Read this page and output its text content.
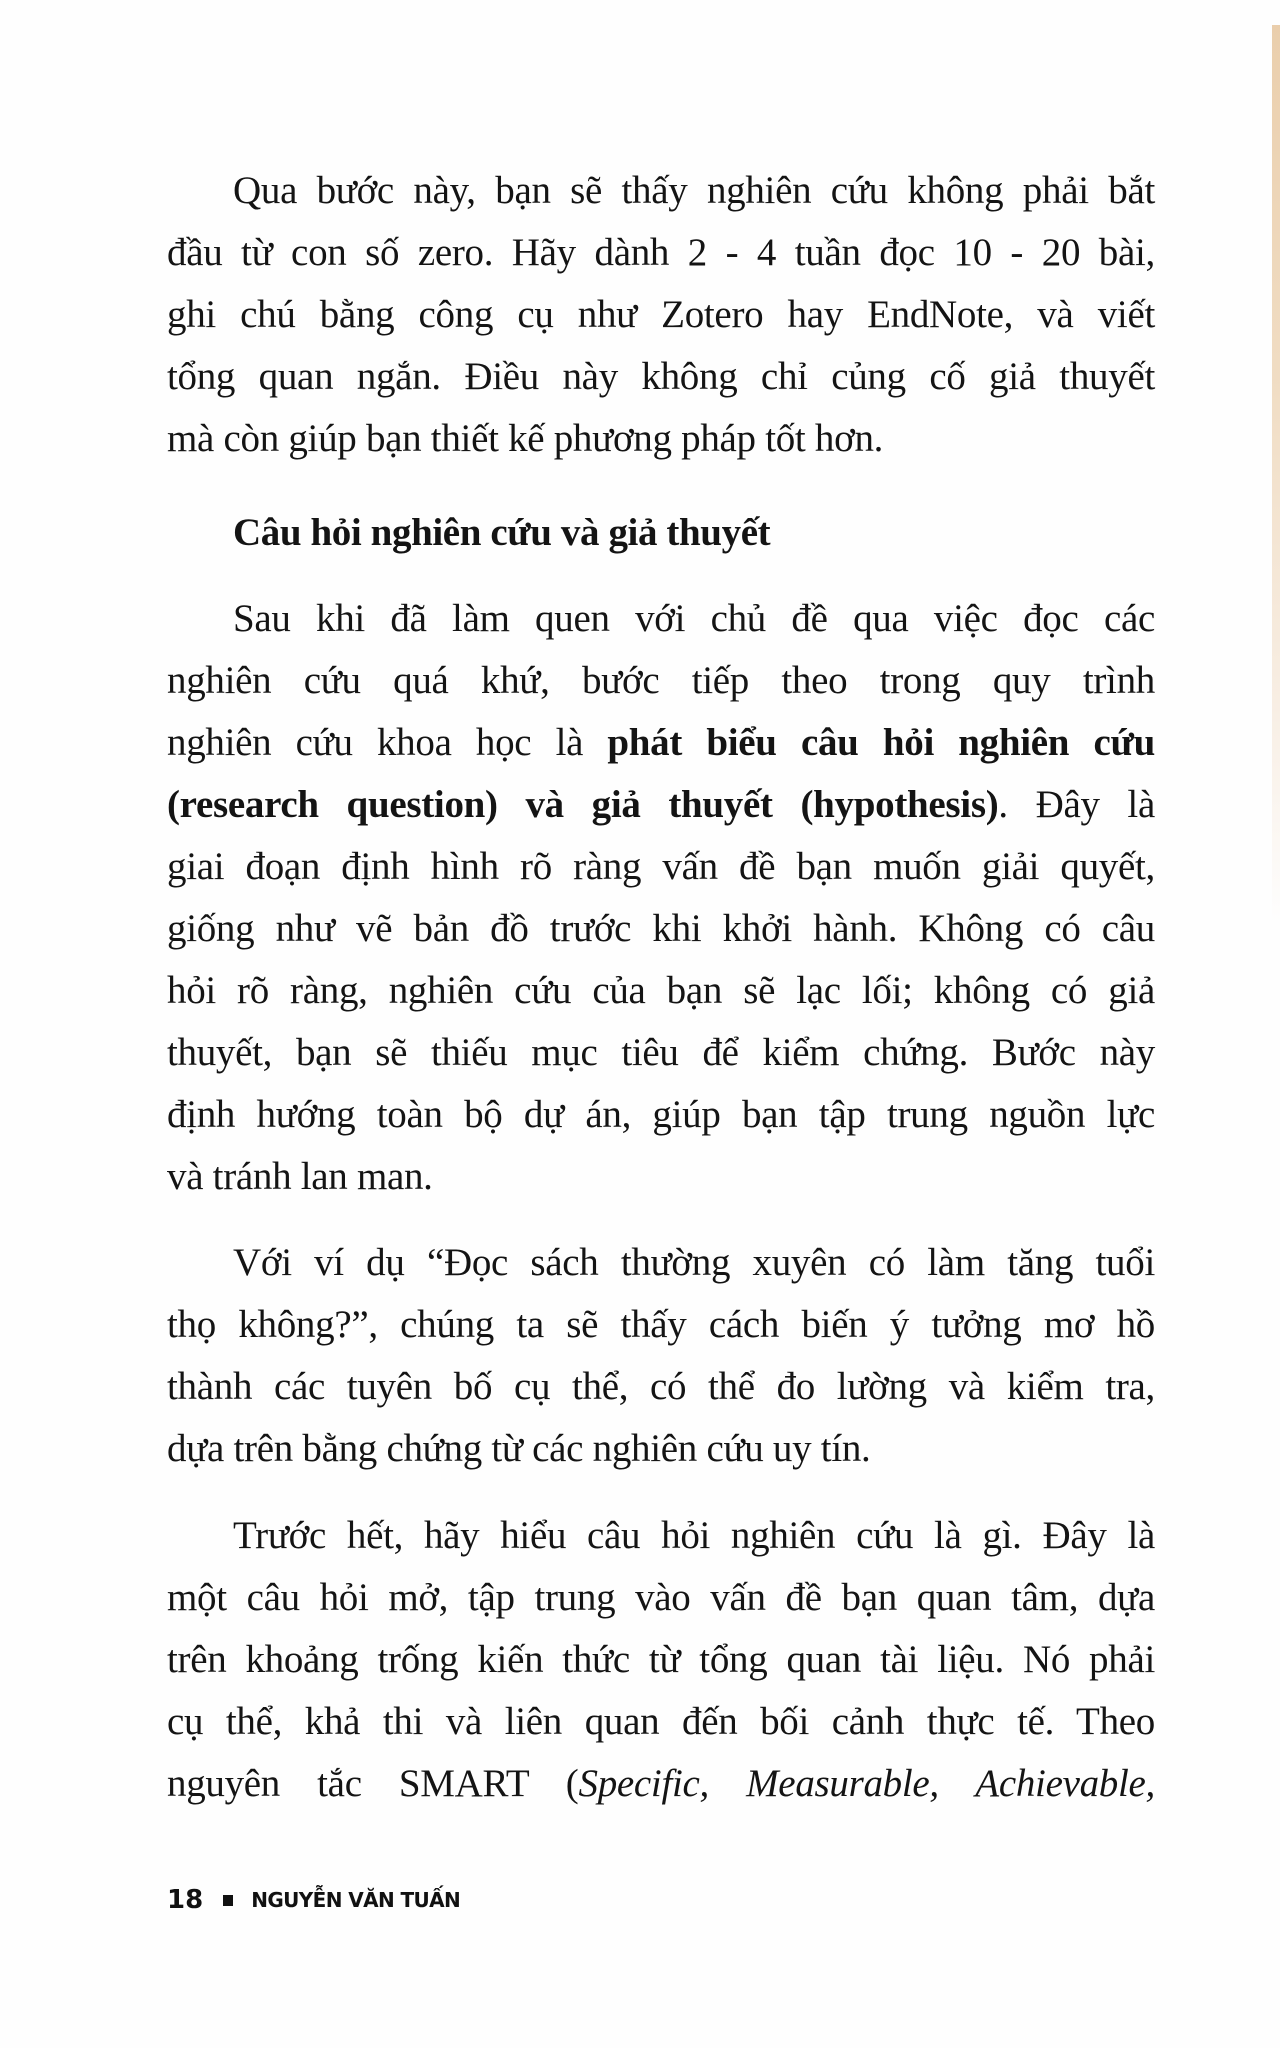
Qua bước này, bạn sẽ thấy nghiên cứu không phải bắt
đầu từ con số zero. Hãy dành 2 - 4 tuần đọc 10 - 20 bài,
ghi chú bằng công cụ như Zotero hay EndNote, và viết
tổng quan ngắn. Điều này không chỉ củng cố giả thuyết
mà còn giúp bạn thiết kế phương pháp tốt hơn.
Câu hỏi nghiên cứu và giả thuyết
Sau khi đã làm quen với chủ đề qua việc đọc các
nghiên cứu quá khứ, bước tiếp theo trong quy trình
nghiên cứu khoa học là phát biểu câu hỏi nghiên cứu
(research question) và giả thuyết (hypothesis). Đây là
giai đoạn định hình rõ ràng vấn đề bạn muốn giải quyết,
giống như vẽ bản đồ trước khi khởi hành. Không có câu
hỏi rõ ràng, nghiên cứu của bạn sẽ lạc lối; không có giả
thuyết, bạn sẽ thiếu mục tiêu để kiểm chứng. Bước này
định hướng toàn bộ dự án, giúp bạn tập trung nguồn lực
và tránh lan man.
Với ví dụ “Đọc sách thường xuyên có làm tăng tuổi
thọ không?”, chúng ta sẽ thấy cách biến ý tưởng mơ hồ
thành các tuyên bố cụ thể, có thể đo lường và kiểm tra,
dựa trên bằng chứng từ các nghiên cứu uy tín.
Trước hết, hãy hiểu câu hỏi nghiên cứu là gì. Đây là
một câu hỏi mở, tập trung vào vấn đề bạn quan tâm, dựa
trên khoảng trống kiến thức từ tổng quan tài liệu. Nó phải
cụ thể, khả thi và liên quan đến bối cảnh thực tế. Theo
nguyên tắc SMART (Specific, Measurable, Achievable,
18 NGUYỄN VĂN TUẤN
